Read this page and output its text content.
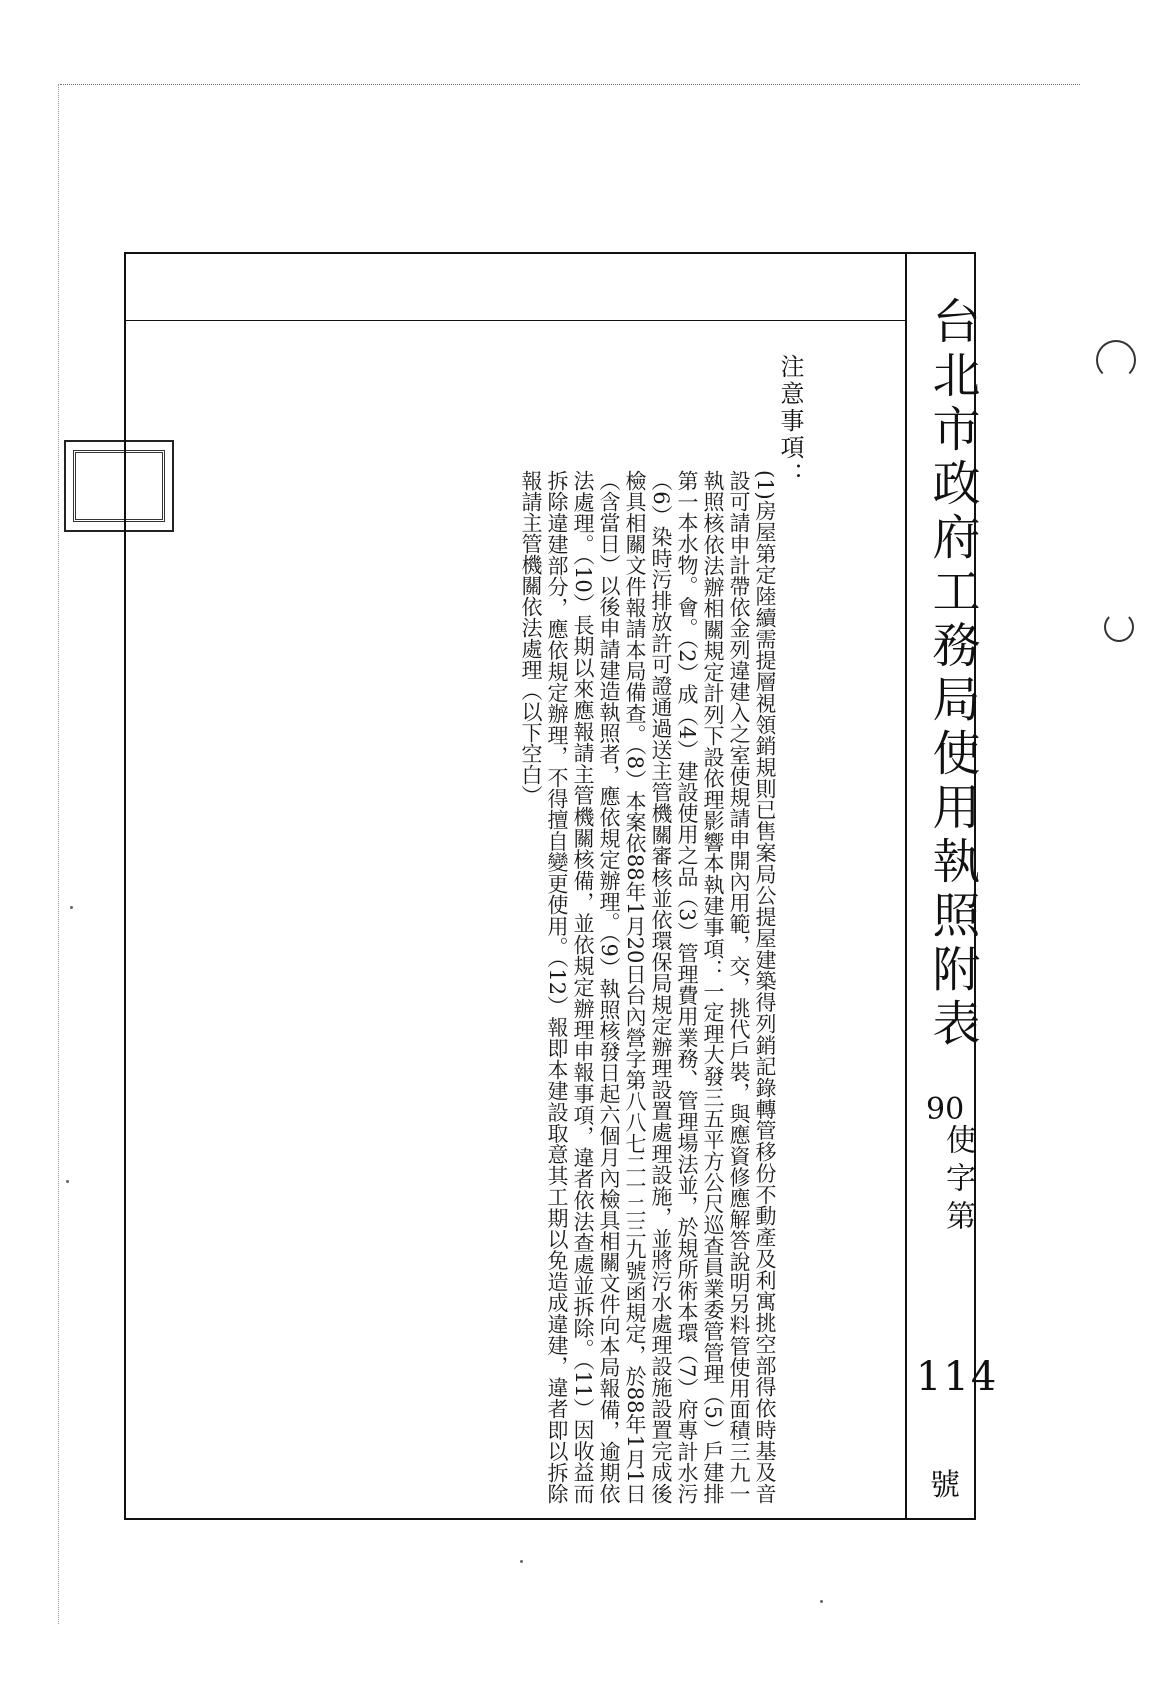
台北市政府工務局使用執照附表
90
使字第
114
號
注意事項：
(1)房屋第定陸續需提層視領銷規則已售案局公提屋建築得列銷記錄轉管移份不動產及利寓挑空部得依時基及音設可請申計帶依金列違建入之室使規請申開內用範，交，挑代戶裝，與應資修應解答說明另料管使用面積三九一執照核依法辦相關規定計列下設依理影響本執建事項：一定理大發三五平方公尺巡查員業委管管理（5）戶建排第一本水物。會。（2）成（4）建設使用之品（3）管理費用業務、管理場法並，於規所術本環（7）府專計水污（6）染時污排放許可證通過送主管機關審核並依環保局規定辦理設置處理設施，並將污水處理設施設置完成後檢具相關文件報請本局備查。（8）本案依88年1月20日台內營字第八八七二一二三九號函規定，於88年1月1日（含當日）以後申請建造執照者，應依規定辦理。（9）執照核發日起六個月內檢具相關文件向本局報備，逾期依法處理。（10）長期以來應報請主管機關核備，並依規定辦理申報事項，違者依法查處並拆除。（11）因收益而拆除違建部分，應依規定辦理，不得擅自變更使用。（12）報即本建設取意其工期以免造成違建，違者即以拆除報請主管機關依法處理（以下空白）
